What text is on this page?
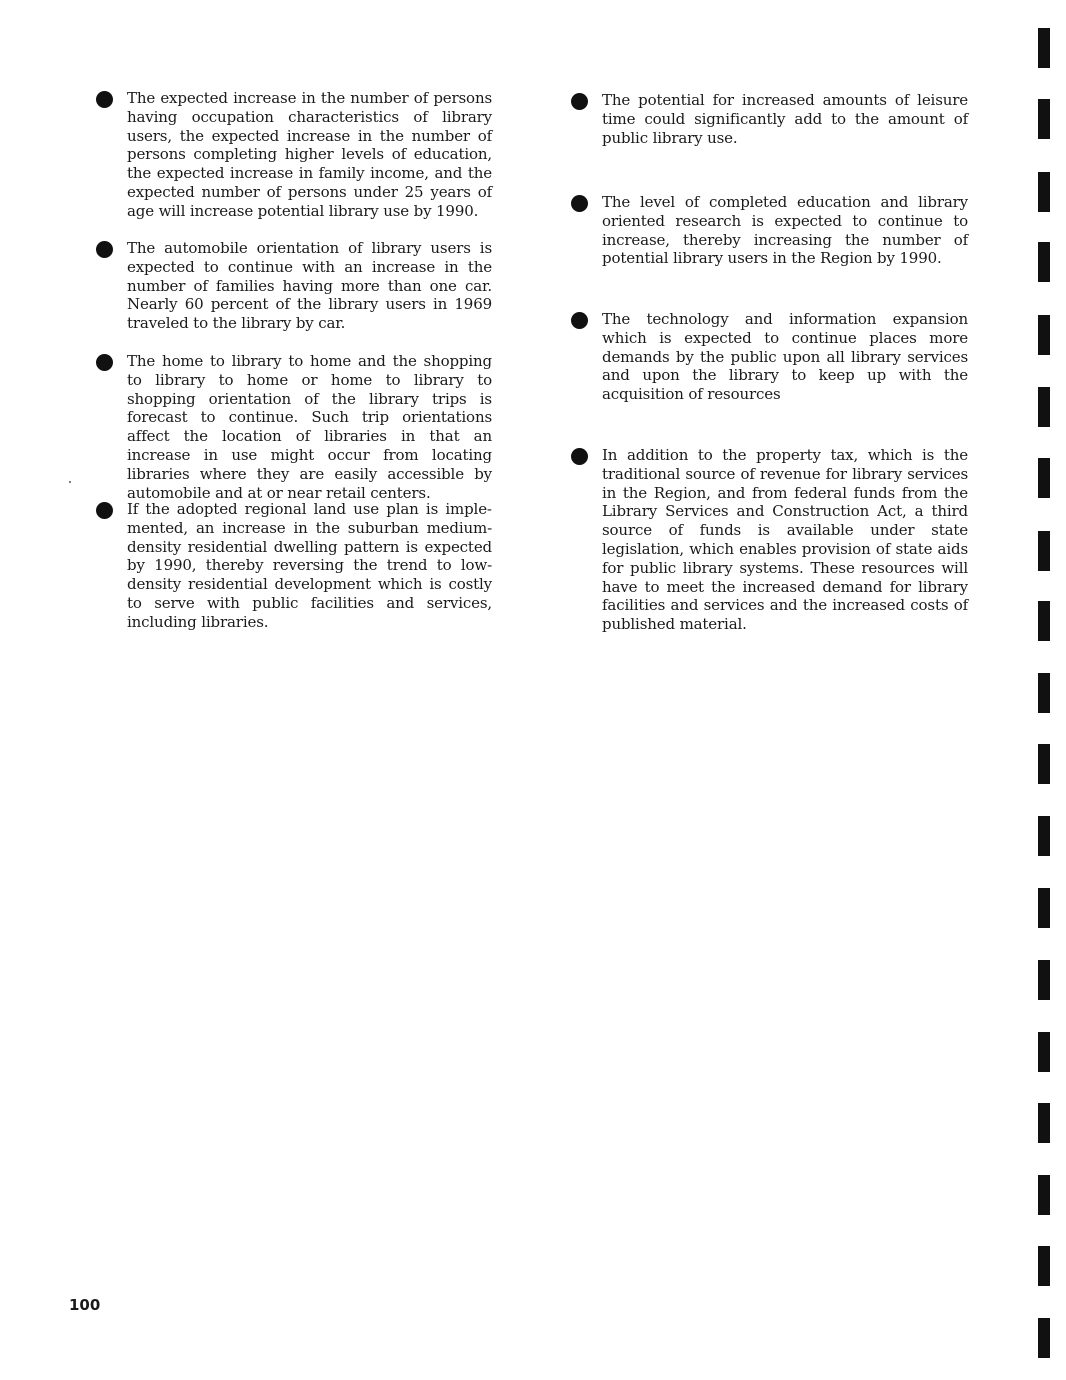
The expected increase in the number of persons having occupation characteristics of library users, the expected increase in the number of persons completing higher levels of education, the expected increase in family income, and the expected number of persons under 25 years of age will increase potential library use by 1990.

The automobile orientation of library users is expected to continue with an increase in the number of families having more than one car. Nearly 60 percent of the library users in 1969 traveled to the library by car.

The home to library to home and the shopping to library to home or home to library to shopping orientation of the library trips is forecast to continue. Such trip orientations affect the location of libraries in that an increase in use might occur from locating libraries where they are easily accessible by automobile and at or near retail centers.

If the adopted regional land use plan is implemented, an increase in the suburban medium-density residential dwelling pattern is expected by 1990, thereby reversing the trend to low-density residential development which is costly to serve with public facilities and services, including libraries.

The potential for increased amounts of leisure time could significantly add to the amount of public library use.

The level of completed education and library oriented research is expected to continue to increase, thereby increasing the number of potential library users in the Region by 1990.

The technology and information expansion which is expected to continue places more demands by the public upon all library services and upon the library to keep up with the acquisition of resources

In addition to the property tax, which is the traditional source of revenue for library services in the Region, and from federal funds from the Library Services and Construction Act, a third source of funds is available under state legislation, which enables provision of state aids for public library systems. These resources will have to meet the increased demand for library facilities and services and the increased costs of published material.

100
